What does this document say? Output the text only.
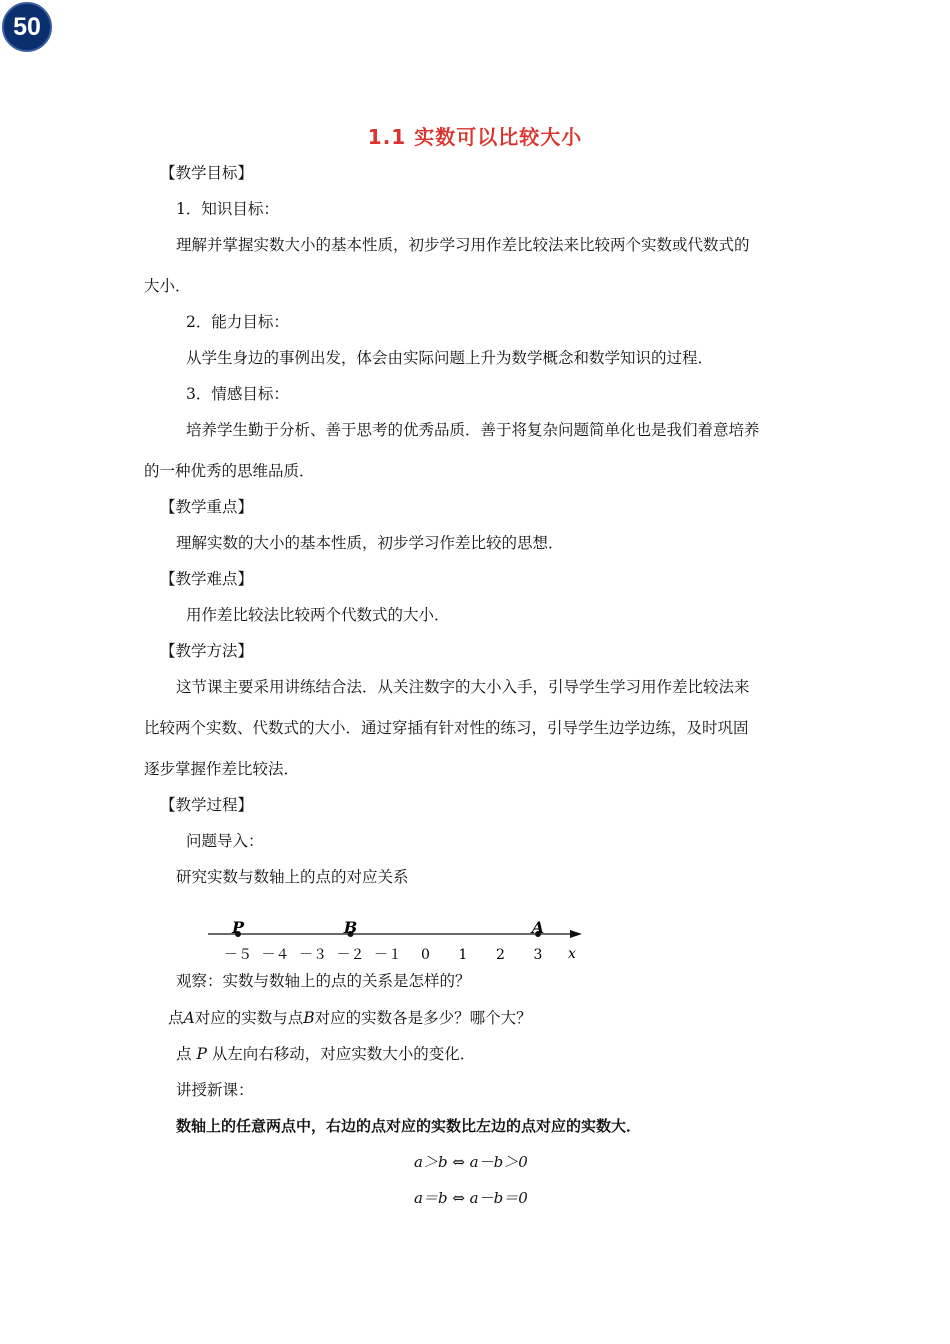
50
1.1 实数可以比较大小
【教学目标】
1．知识目标：
理解并掌握实数大小的基本性质，初步学习用作差比较法来比较两个实数或代数式的
大小．
2．能力目标：
从学生身边的事例出发，体会由实际问题上升为数学概念和数学知识的过程．
3．情感目标：
培养学生勤于分析、善于思考的优秀品质．善于将复杂问题简单化也是我们着意培养
的一种优秀的思维品质．
【教学重点】
理解实数的大小的基本性质，初步学习作差比较的思想．
【教学难点】
用作差比较法比较两个代数式的大小．
【教学方法】
这节课主要采用讲练结合法．从关注数字的大小入手，引导学生学习用作差比较法来
比较两个实数、代数式的大小．通过穿插有针对性的练习，引导学生边学边练，及时巩固
逐步掌握作差比较法．
【教学过程】
问题导入：
研究实数与数轴上的点的对应关系
－５ －４ －３ －２ －１ 0 1 2 3
P	B	A
x
观察：实数与数轴上的点的关系是怎样的？
点A对应的实数与点B对应的实数各是多少？哪个大？
点 P 从左向右移动，对应实数大小的变化．
讲授新课：
数轴上的任意两点中，右边的点对应的实数比左边的点对应的实数大．
a＞b ⇔ a－b＞0
a＝b ⇔ a－b＝0
